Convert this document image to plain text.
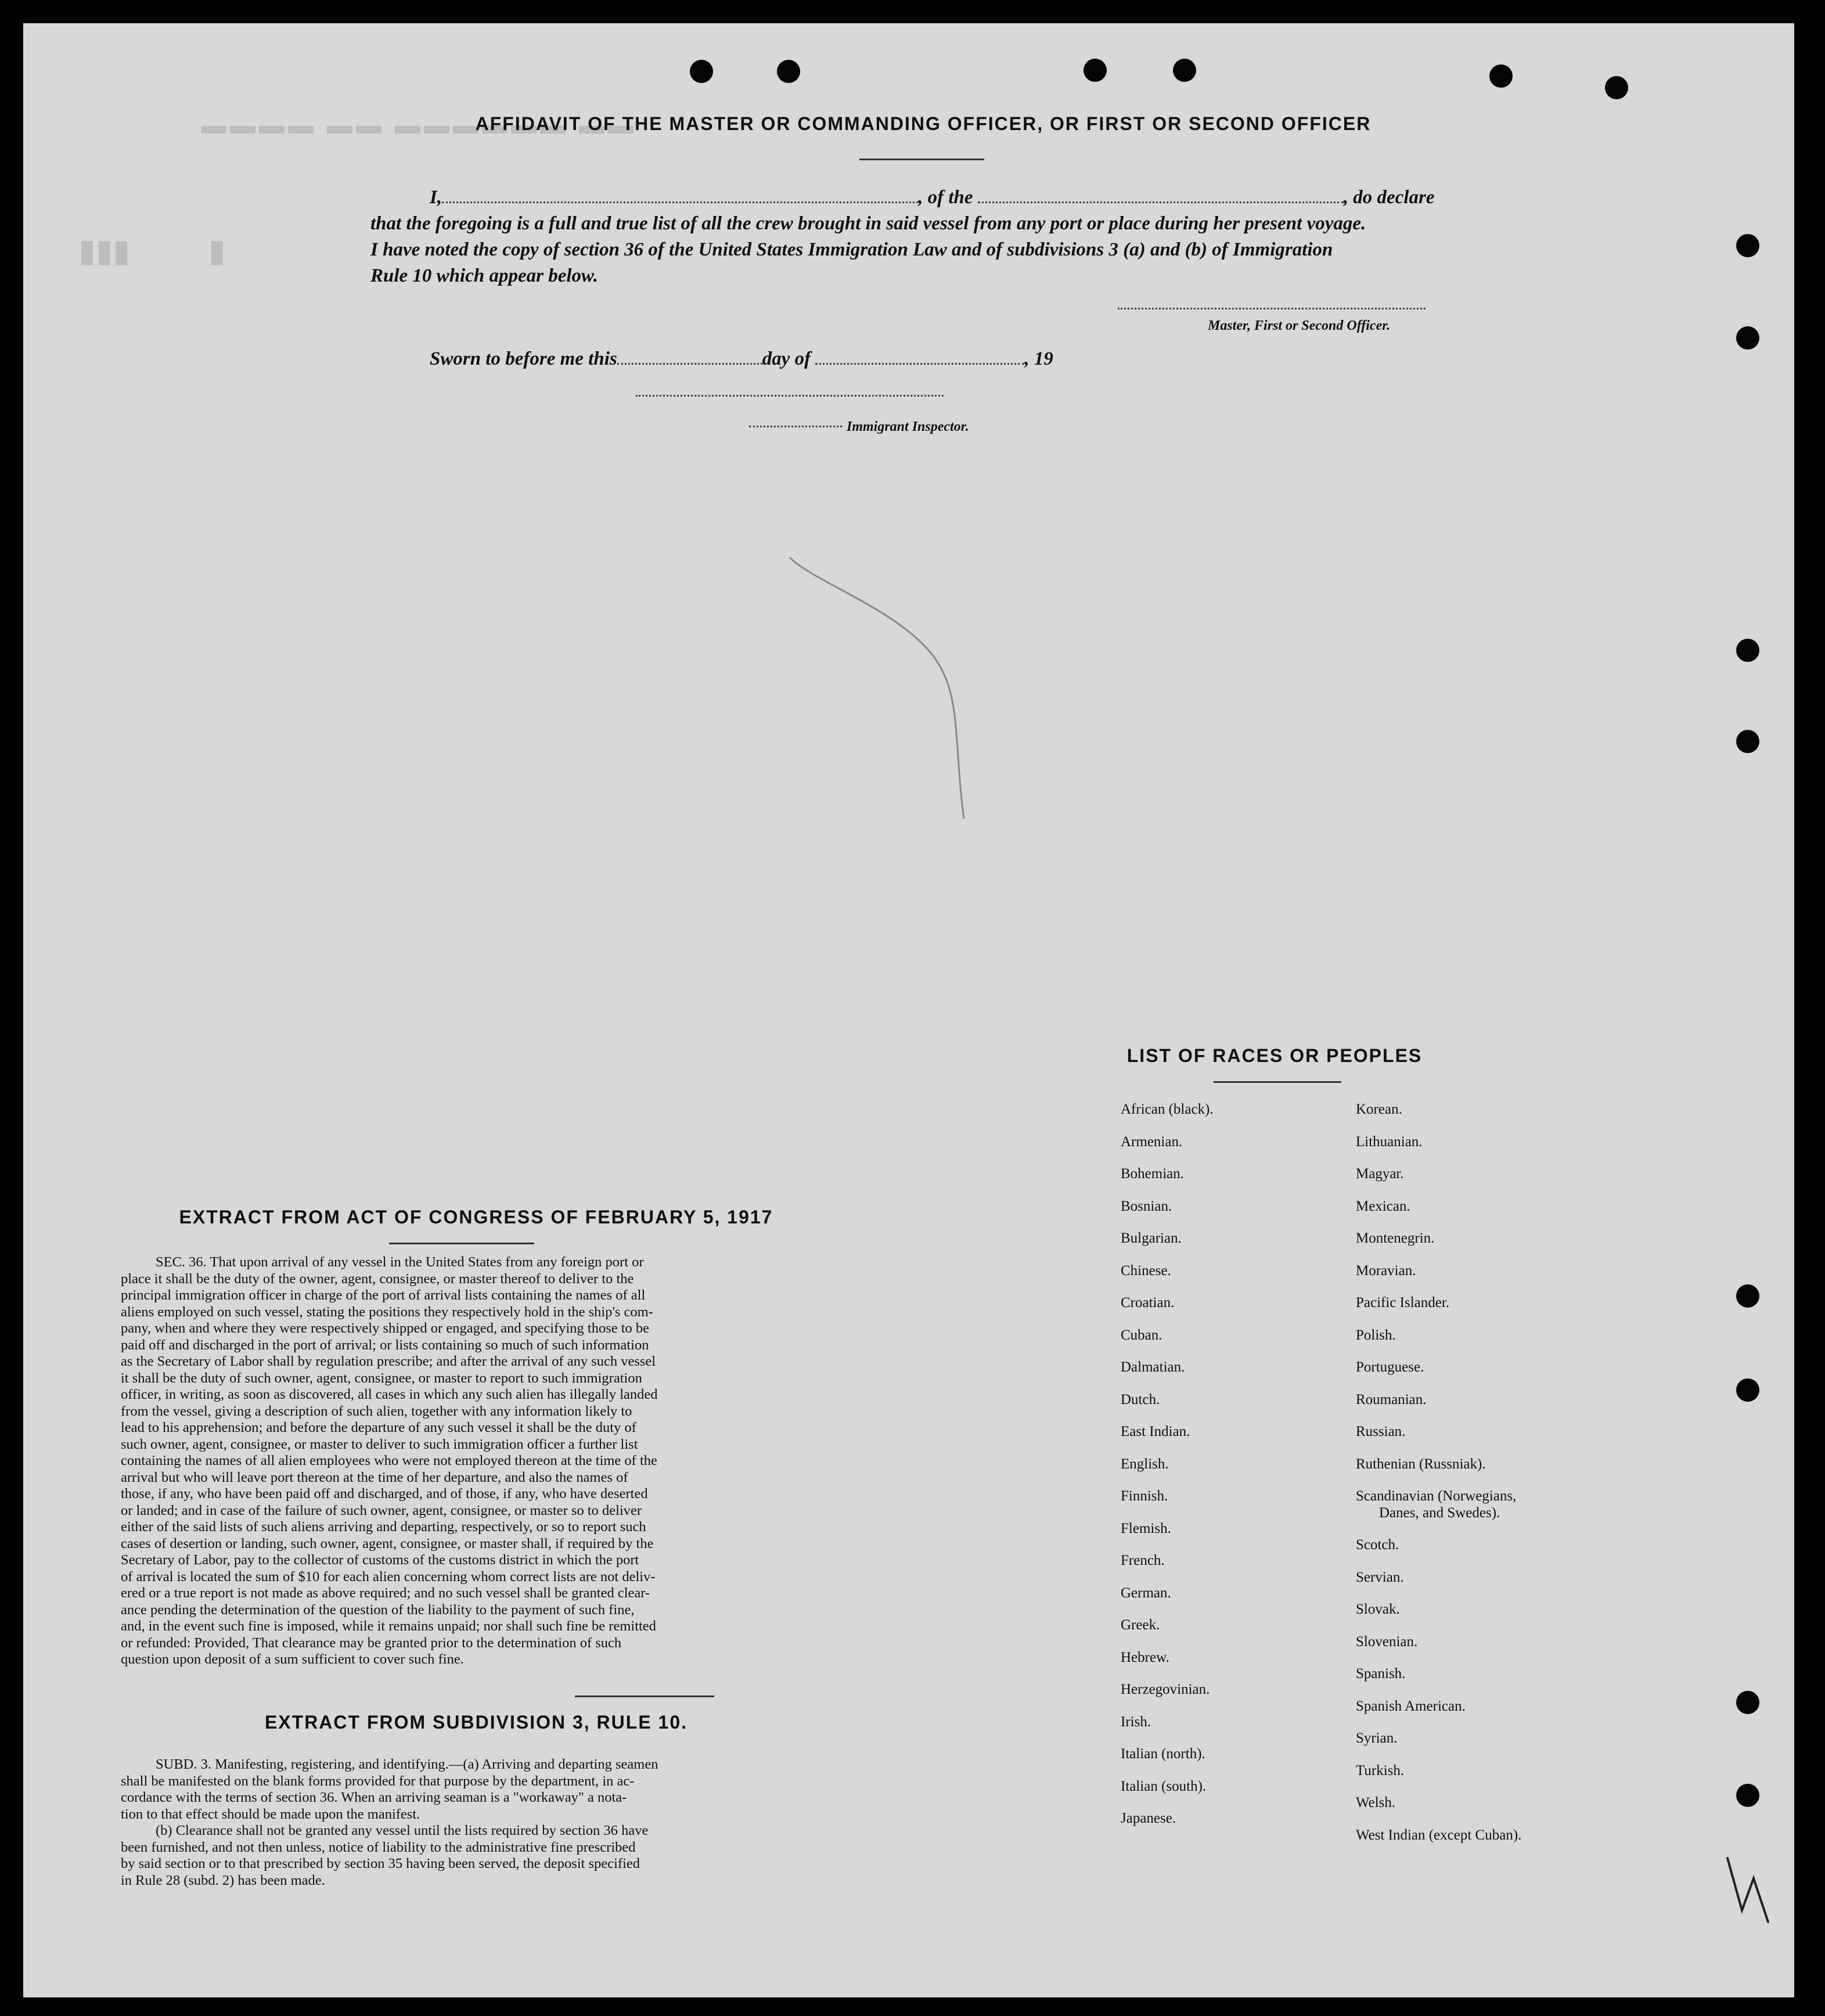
▬▬ ▬▬▬▬▬▬ ▬▬ ▬▬▬▬
▮▮▮          ▮
AFFIDAVIT OF THE MASTER OR COMMANDING OFFICER, OR FIRST OR SECOND OFFICER
I,	, of the	, do declare
that the foregoing is a full and true list of all the crew brought in said vessel from any port or place during her present voyage.
I have noted the copy of section 36 of the United States Immigration Law and of subdivisions 3 (a) and (b) of Immigration
Rule 10 which appear below.
Master, First or Second Officer.
Sworn to before me this	day of	, 19
Immigrant Inspector.
EXTRACT FROM ACT OF CONGRESS OF FEBRUARY 5, 1917
SEC. 36. That upon arrival of any vessel in the United States from any foreign port or
place it shall be the duty of the owner, agent, consignee, or master thereof to deliver to the
principal immigration officer in charge of the port of arrival lists containing the names of all
aliens employed on such vessel, stating the positions they respectively hold in the ship's com-
pany, when and where they were respectively shipped or engaged, and specifying those to be
paid off and discharged in the port of arrival; or lists containing so much of such information
as the Secretary of Labor shall by regulation prescribe; and after the arrival of any such vessel
it shall be the duty of such owner, agent, consignee, or master to report to such immigration
officer, in writing, as soon as discovered, all cases in which any such alien has illegally landed
from the vessel, giving a description of such alien, together with any information likely to
lead to his apprehension; and before the departure of any such vessel it shall be the duty of
such owner, agent, consignee, or master to deliver to such immigration officer a further list
containing the names of all alien employees who were not employed thereon at the time of the
arrival but who will leave port thereon at the time of her departure, and also the names of
those, if any, who have been paid off and discharged, and of those, if any, who have deserted
or landed; and in case of the failure of such owner, agent, consignee, or master so to deliver
either of the said lists of such aliens arriving and departing, respectively, or so to report such
cases of desertion or landing, such owner, agent, consignee, or master shall, if required by the
Secretary of Labor, pay to the collector of customs of the customs district in which the port
of arrival is located the sum of $10 for each alien concerning whom correct lists are not deliv-
ered or a true report is not made as above required; and no such vessel shall be granted clear-
ance pending the determination of the question of the liability to the payment of such fine,
and, in the event such fine is imposed, while it remains unpaid; nor shall such fine be remitted
or refunded: Provided, That clearance may be granted prior to the determination of such
question upon deposit of a sum sufficient to cover such fine.
EXTRACT FROM SUBDIVISION 3, RULE 10.
SUBD. 3. Manifesting, registering, and identifying.—(a) Arriving and departing seamen
shall be manifested on the blank forms provided for that purpose by the department, in ac-
cordance with the terms of section 36. When an arriving seaman is a "workaway" a nota-
tion to that effect should be made upon the manifest.
(b) Clearance shall not be granted any vessel until the lists required by section 36 have
been furnished, and not then unless, notice of liability to the administrative fine prescribed
by said section or to that prescribed by section 35 having been served, the deposit specified
in Rule 28 (subd. 2) has been made.
LIST OF RACES OR PEOPLES
African (black).
Armenian.
Bohemian.
Bosnian.
Bulgarian.
Chinese.
Croatian.
Cuban.
Dalmatian.
Dutch.
East Indian.
English.
Finnish.
Flemish.
French.
German.
Greek.
Hebrew.
Herzegovinian.
Irish.
Italian (north).
Italian (south).
Japanese.
Korean.
Lithuanian.
Magyar.
Mexican.
Montenegrin.
Moravian.
Pacific Islander.
Polish.
Portuguese.
Roumanian.
Russian.
Ruthenian (Russniak).
Scandinavian (Norwegians,
Danes, and Swedes).
Scotch.
Servian.
Slovak.
Slovenian.
Spanish.
Spanish American.
Syrian.
Turkish.
Welsh.
West Indian (except Cuban).
